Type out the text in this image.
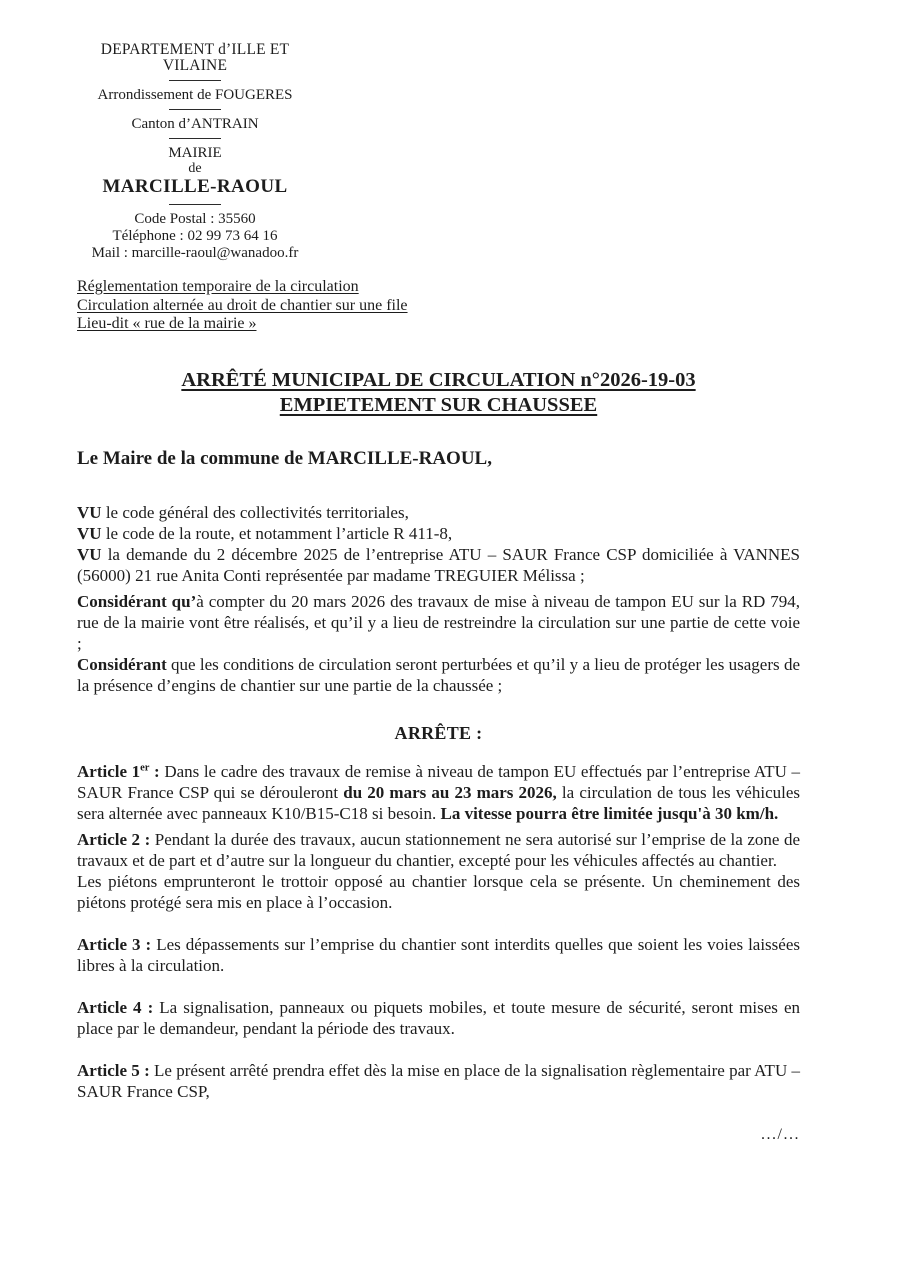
DEPARTEMENT d’ILLE ET VILAINE
Arrondissement de FOUGERES
Canton d’ANTRAIN
MAIRIE
de
MARCILLE-RAOUL
Code Postal : 35560
Téléphone : 02 99 73 64 16
Mail : marcille-raoul@wanadoo.fr
Réglementation temporaire de la circulation
Circulation alternée au droit de chantier sur une file
Lieu-dit « rue de la mairie »
ARRÊTÉ MUNICIPAL DE CIRCULATION n°2026-19-03
EMPIETEMENT SUR CHAUSSEE

Le Maire de la commune de MARCILLE-RAOUL,

VU le code général des collectivités territoriales,

VU le code de la route, et notamment l’article R 411-8,

VU la demande du 2 décembre 2025 de l’entreprise ATU – SAUR France CSP domiciliée à VANNES (56000) 21 rue Anita Conti représentée par madame TREGUIER Mélissa ;

Considérant qu’à compter du 20 mars 2026 des travaux de mise à niveau de tampon EU sur la RD 794, rue de la mairie vont être réalisés, et qu’il y a lieu de restreindre la circulation sur une partie de cette voie ;

Considérant que les conditions de circulation seront perturbées et qu’il y a lieu de protéger les usagers de la présence d’engins de chantier sur une partie de la chaussée ;

ARRÊTE :

Article 1er : Dans le cadre des travaux de remise à niveau de tampon EU effectués par l’entreprise ATU – SAUR France CSP qui se dérouleront du 20 mars au 23 mars 2026, la circulation de tous les véhicules sera alternée avec panneaux K10/B15-C18 si besoin. La vitesse pourra être limitée jusqu'à 30 km/h.

Article 2 : Pendant la durée des travaux, aucun stationnement ne sera autorisé sur l’emprise de la zone de travaux et de part et d’autre sur la longueur du chantier, excepté pour les véhicules affectés au chantier.
Les piétons emprunteront le trottoir opposé au chantier lorsque cela se présente. Un cheminement des piétons protégé sera mis en place à l’occasion.

Article 3 : Les dépassements sur l’emprise du chantier sont interdits quelles que soient les voies laissées libres à la circulation.

Article 4 : La signalisation, panneaux ou piquets mobiles, et toute mesure de sécurité, seront mises en place par le demandeur, pendant la période des travaux.

Article 5 : Le présent arrêté prendra effet dès la mise en place de la signalisation règlementaire par ATU – SAUR France CSP,

.../...
